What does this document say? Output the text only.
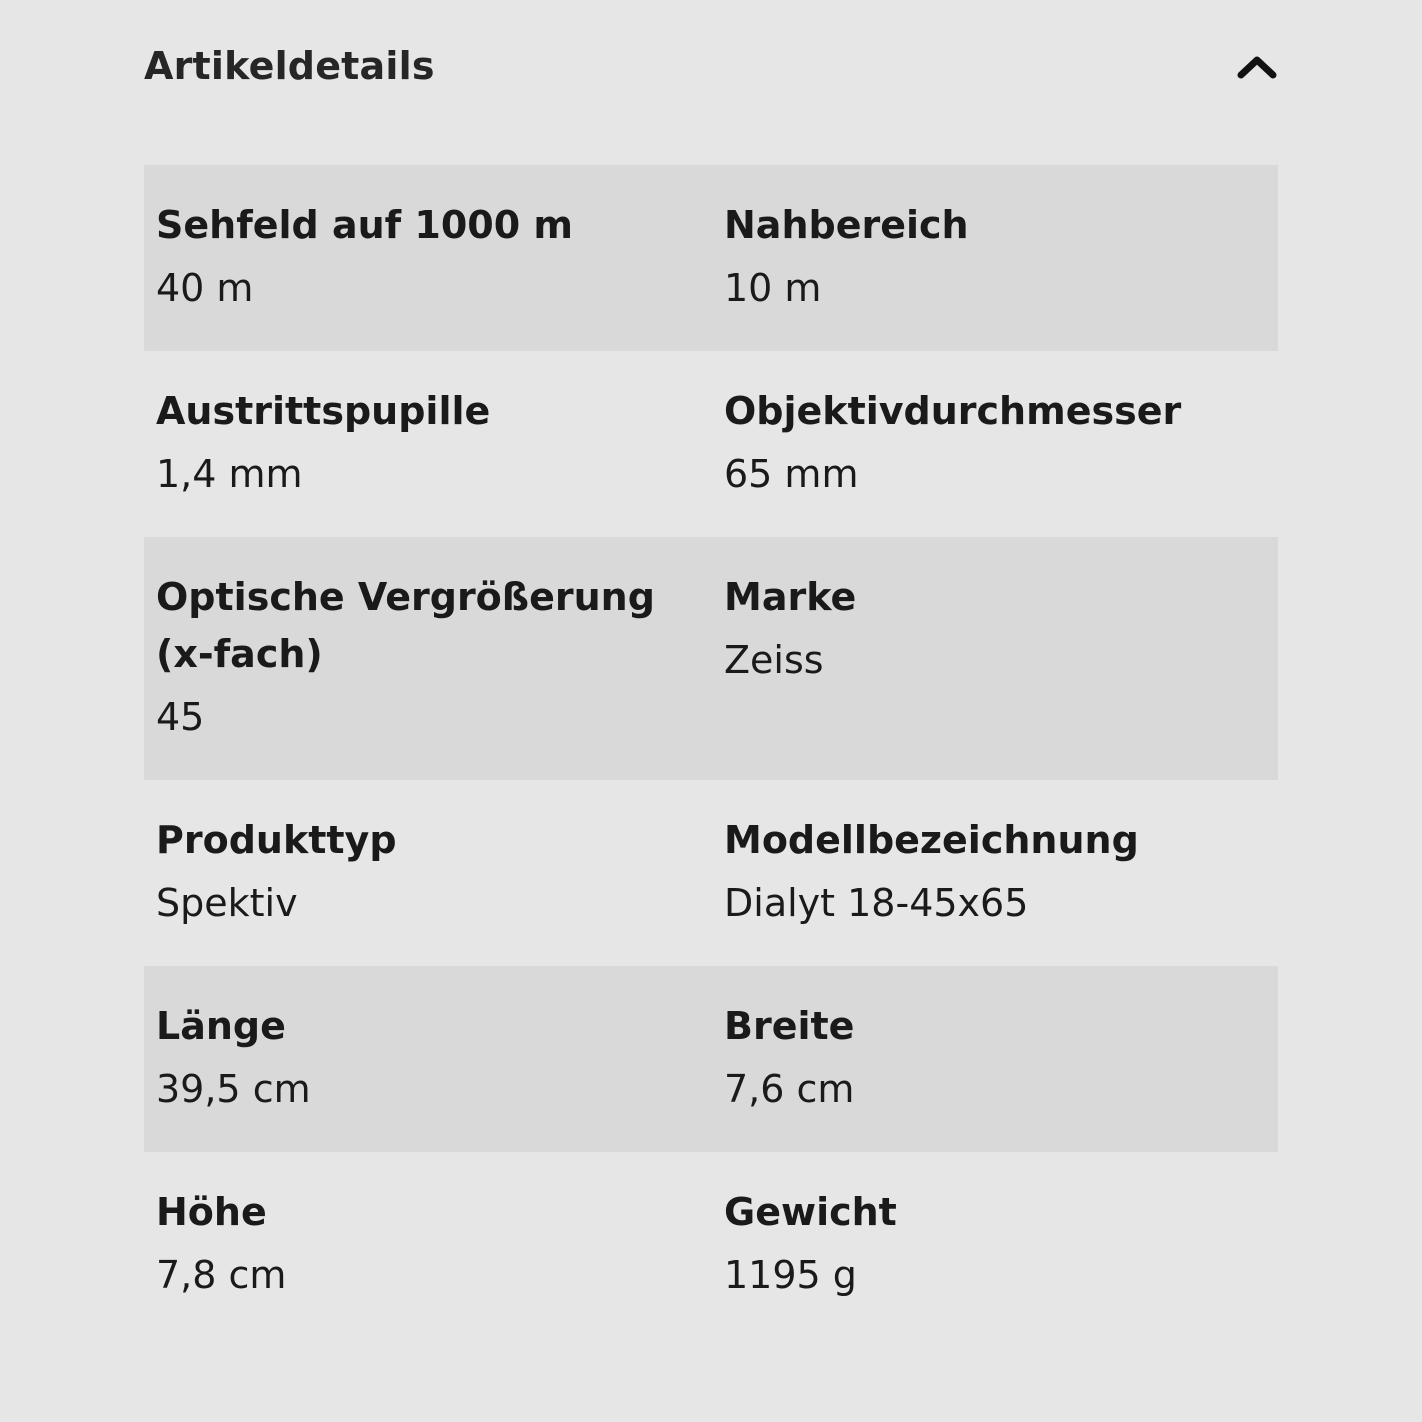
Artikeldetails

Sehfeld auf 1000 m

40 m

Nahbereich

10 m

Austrittspupille

1,4 mm

Objektivdurchmesser

65 mm

Optische Vergrößerung (x-fach)

45

Marke

Zeiss

Produkttyp

Spektiv

Modellbezeichnung

Dialyt 18-45x65

Länge

39,5 cm

Breite

7,6 cm

Höhe

7,8 cm

Gewicht

1195 g
